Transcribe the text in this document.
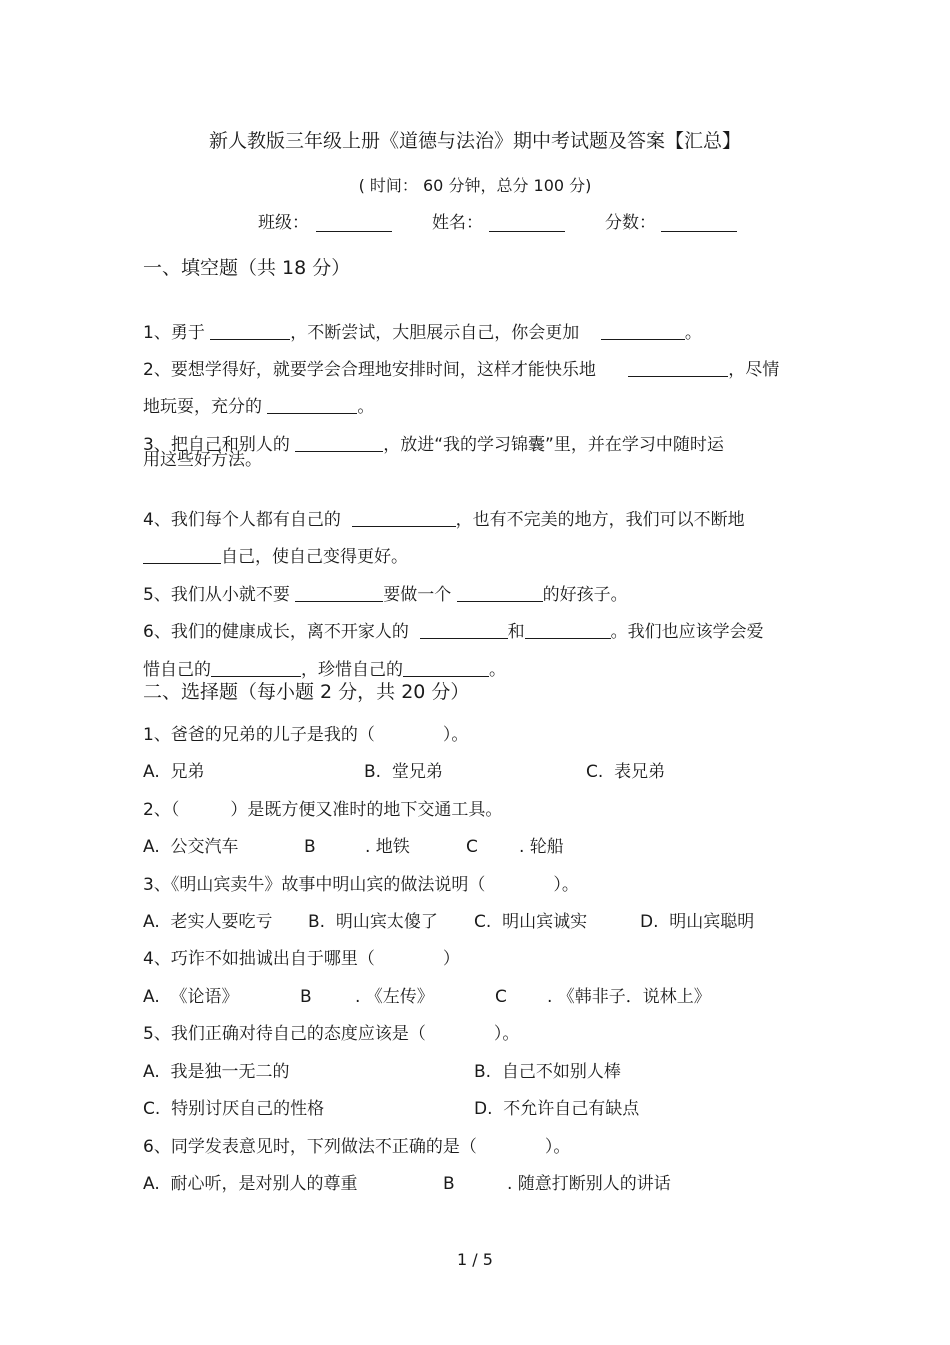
新人教版三年级上册《道德与法治》期中考试题及答案【汇总】
( 时间： 60 分钟，总分 100 分)
班级：	姓名：	分数：
一、填空题（共 18 分）

1、勇于	，不断尝试，大胆展示自己，你会更加	。

2、要想学得好，就要学会合理地安排时间，这样才能快乐地	，尽情

地玩耍，充分的	。

3、把自己和别人的	，放进“我的学习锦囊”里，并在学习中随时运

用这些好方法。

4、我们每个人都有自己的	，也有不完美的地方，我们可以不断地

自己，使自己变得更好。

5、我们从小就不要	要做一个	的好孩子。

6、我们的健康成长，离不开家人的	和	。我们也应该学会爱

惜自己的	，珍惜自己的	。

二、选择题（每小题 2 分，共 20 分）
1、爸爸的兄弟的儿子是我的（　　　　）。
A.  兄弟	B.  堂兄弟	C.  表兄弟
2、（　　　）是既方便又准时的地下交通工具。
A.  公交汽车	B	. 地铁	C . 轮船
3、《明山宾卖牛》故事中明山宾的做法说明（　　　　）。
A.  老实人要吃亏 B.  明山宾太傻了 C.  明山宾诚实	D.  明山宾聪明
4、巧诈不如拙诚出自于哪里（　　　　）
A.  《论语》	B	. 《左传》	C . 《韩非子．说林上》
5、我们正确对待自己的态度应该是（　　　　）。
A.  我是独一无二的	B.  自己不如别人棒
C.  特别讨厌自己的性格	D.  不允许自己有缺点
6、同学发表意见时，下列做法不正确的是（　　　　）。
A.  耐心听，是对别人的尊重	B	. 随意打断别人的讲话
1 / 5
